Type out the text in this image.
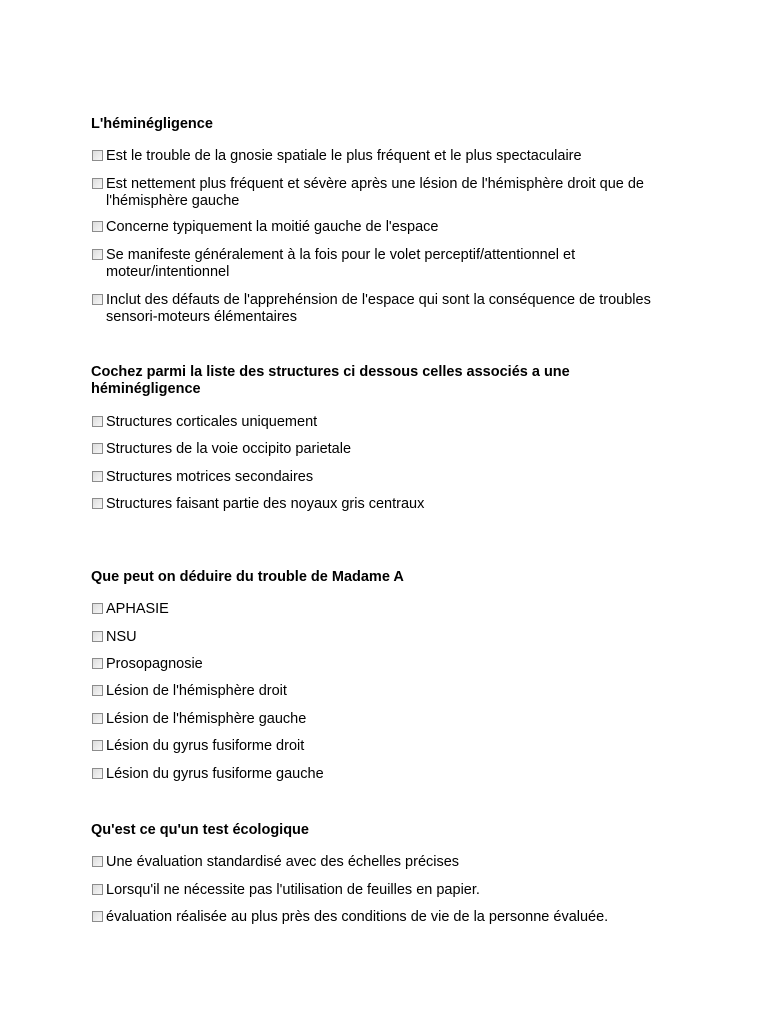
L'héminégligence

Est le trouble de la gnosie spatiale le plus fréquent et le plus spectaculaire
Est nettement plus fréquent et sévère après une lésion de l'hémisphère droit que de l'hémisphère gauche
Concerne typiquement la moitié gauche de l'espace
Se manifeste généralement à la fois pour le volet perceptif/attentionnel et moteur/intentionnel
Inclut des défauts de l'apprehénsion de l'espace qui sont la conséquence de troubles sensori-moteurs élémentaires

Cochez parmi la liste des structures ci dessous celles associés a une héminégligence

Structures corticales uniquement
Structures de la voie occipito parietale
Structures motrices secondaires
Structures faisant partie des noyaux gris centraux

Que peut on déduire du trouble de Madame A

APHASIE
NSU
Prosopagnosie
Lésion de l'hémisphère droit
Lésion de l'hémisphère gauche
Lésion du gyrus fusiforme droit
Lésion du gyrus fusiforme gauche

Qu'est ce qu'un test écologique

Une évaluation standardisé avec des échelles précises
Lorsqu'il ne nécessite pas l'utilisation de feuilles en papier.
évaluation réalisée au plus près des conditions de vie de la personne évaluée.
